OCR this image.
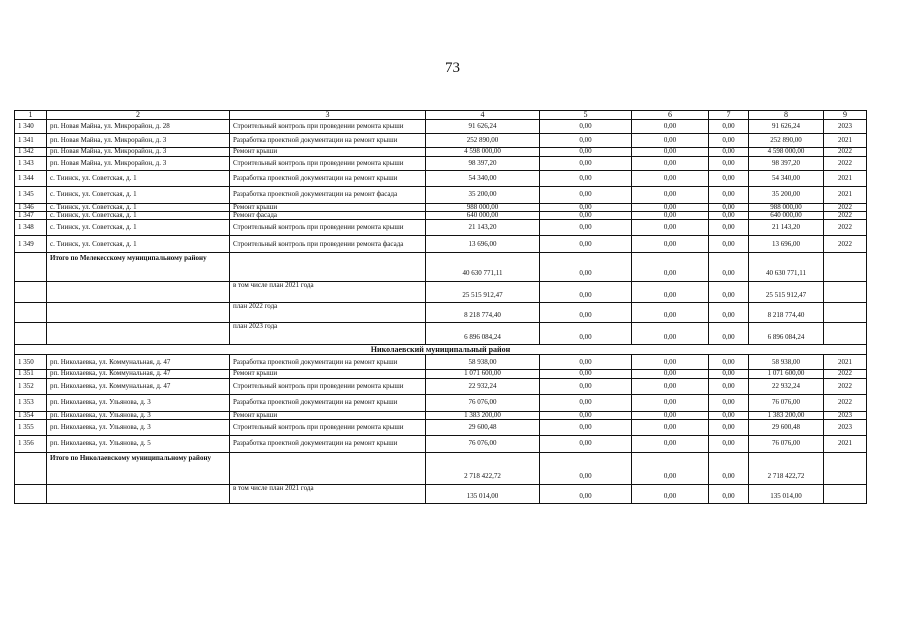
73
1	2	3	4	5	6	7	8	9
1 340	рп. Новая Майна, ул. Микрорайон, д. 28	Строительный контроль при проведении ремонта крыши	91 626,24	0,00	0,00	0,00	91 626,24	2023
1 341	рп. Новая Майна, ул. Микрорайон, д. 3	Разработка проектной документации на ремонт крыши	252 890,00	0,00	0,00	0,00	252 890,00	2021
1 342	рп. Новая Майна, ул. Микрорайон, д. 3	Ремонт крыши	4 598 000,00	0,00	0,00	0,00	4 598 000,00	2022
1 343	рп. Новая Майна, ул. Микрорайон, д. 3	Строительный контроль при проведении ремонта крыши	98 397,20	0,00	0,00	0,00	98 397,20	2022
1 344	с. Тиинск, ул. Советская, д. 1	Разработка проектной документации на ремонт крыши	54 340,00	0,00	0,00	0,00	54 340,00	2021
1 345	с. Тиинск, ул. Советская, д. 1	Разработка проектной документации на ремонт фасада	35 200,00	0,00	0,00	0,00	35 200,00	2021
1 346	с. Тиинск, ул. Советская, д. 1	Ремонт крыши	988 000,00	0,00	0,00	0,00	988 000,00	2022
1 347	с. Тиинск, ул. Советская, д. 1	Ремонт фасада	640 000,00	0,00	0,00	0,00	640 000,00	2022
1 348	с. Тиинск, ул. Советская, д. 1	Строительный контроль при проведении ремонта крыши	21 143,20	0,00	0,00	0,00	21 143,20	2022
1 349	с. Тиинск, ул. Советская, д. 1	Строительный контроль при проведении ремонта фасада	13 696,00	0,00	0,00	0,00	13 696,00	2022
	Итого по Мелекесскому муниципальному району		40 630 771,11	0,00	0,00	0,00	40 630 771,11	
		в том числе план 2021 года	25 515 912,47	0,00	0,00	0,00	25 515 912,47	
		план 2022 года	8 218 774,40	0,00	0,00	0,00	8 218 774,40	
		план 2023 года	6 896 084,24	0,00	0,00	0,00	6 896 084,24	
Николаевский муниципальный район								
1 350	рп. Николаевка, ул. Коммунальная, д. 47	Разработка проектной документации на ремонт крыши	58 938,00	0,00	0,00	0,00	58 938,00	2021
1 351	рп. Николаевка, ул. Коммунальная, д. 47	Ремонт крыши	1 071 600,00	0,00	0,00	0,00	1 071 600,00	2022
1 352	рп. Николаевка, ул. Коммунальная, д. 47	Строительный контроль при проведении ремонта крыши	22 932,24	0,00	0,00	0,00	22 932,24	2022
1 353	рп. Николаевка, ул. Ульянова, д. 3	Разработка проектной документации на ремонт крыши	76 076,00	0,00	0,00	0,00	76 076,00	2022
1 354	рп. Николаевка, ул. Ульянова, д. 3	Ремонт крыши	1 383 200,00	0,00	0,00	0,00	1 383 200,00	2023
1 355	рп. Николаевка, ул. Ульянова, д. 3	Строительный контроль при проведении ремонта крыши	29 600,48	0,00	0,00	0,00	29 600,48	2023
1 356	рп. Николаевка, ул. Ульянова, д. 5	Разработка проектной документации на ремонт крыши	76 076,00	0,00	0,00	0,00	76 076,00	2021
	Итого по Николаевскому муниципальному району		2 718 422,72	0,00	0,00	0,00	2 718 422,72	
		в том числе план 2021 года	135 014,00	0,00	0,00	0,00	135 014,00	
